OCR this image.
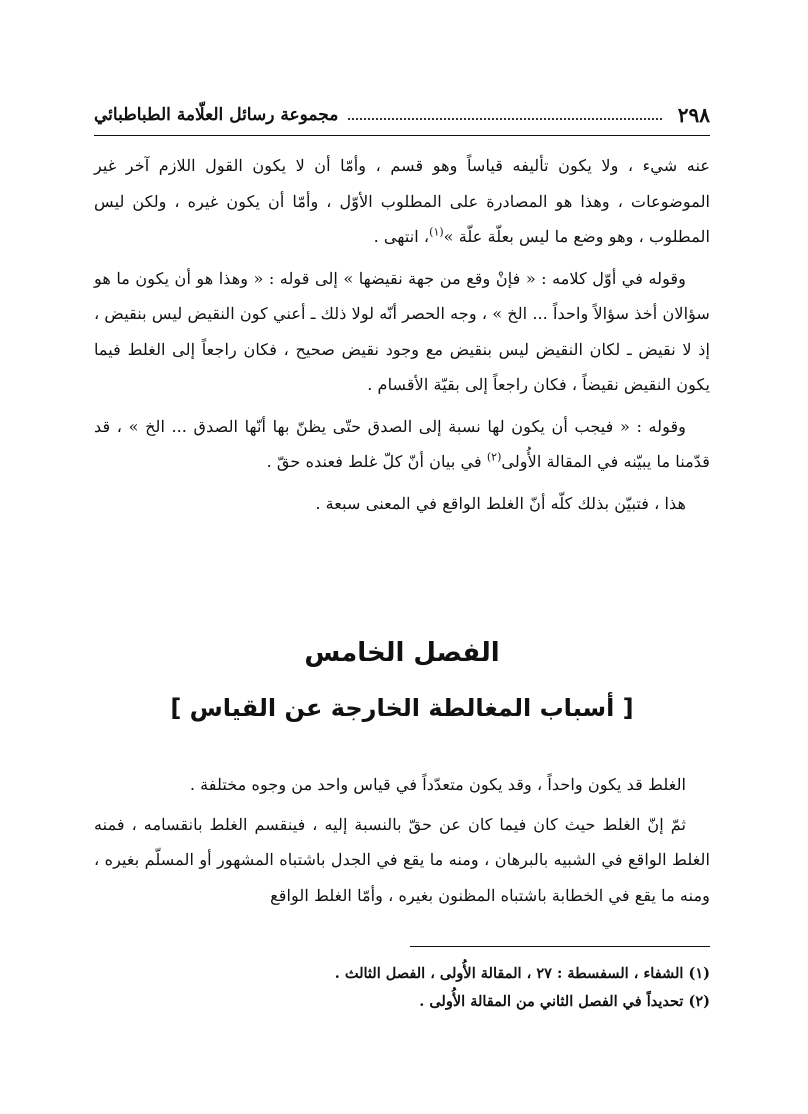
٢٩٨
مجموعة رسائل العلّامة الطباطبائي

عنه شيء ، ولا يكون تأليفه قياساً وهو قسم ، وأمّا أن لا يكون القول اللازم آخر غير الموضوعات ، وهذا هو المصادرة على المطلوب الأوّل ، وأمّا أن يكون غيره ، ولكن ليس المطلوب ، وهو وضع ما ليس بعلّة علّة »$^{(١)}$، انتهى .

وقوله في أوّل كلامه : « فإنْ وقع من جهة نقيضها » إلى قوله : « وهذا هو أن يكون ما هو سؤالان أخذ سؤالاً واحداً ... الخ » ، وجه الحصر أنّه لولا ذلك ـ أعني كون النقيض ليس بنقيض ، إذ لا نقيض ـ لكان النقيض ليس بنقيض مع وجود نقيض صحيح ، فكان راجعاً إلى الغلط فيما يكون النقيض نقيضاً ، فكان راجعاً إلى بقيّة الأقسام .

وقوله : « فيجب أن يكون لها نسبة إلى الصدق حتّى يظنّ بها أنّها الصدق ... الخ » ، قد قدّمنا ما يبيّنه في المقالة الأُولى$^{(٢)}$ في بيان أنّ كلّ غلط فعنده حقّ .

هذا ، فتبيّن بذلك كلّه أنّ الغلط الواقع في المعنى سبعة .

الفصل الخامس
[ أسباب المغالطة الخارجة عن القياس ]

الغلط قد يكون واحداً ، وقد يكون متعدّداً في قياس واحد من وجوه مختلفة .

ثمّ إنّ الغلط حيث كان فيما كان عن حقّ بالنسبة إليه ، فينقسم الغلط بانقسامه ، فمنه الغلط الواقع في الشبيه بالبرهان ، ومنه ما يقع في الجدل باشتباه المشهور أو المسلّم بغيره ، ومنه ما يقع في الخطابة باشتباه المظنون بغيره ، وأمّا الغلط الواقع

(١) الشفاء ، السفسطة : ٢٧ ، المقالة الأُولى ، الفصل الثالث .
(٢) تحديداً في الفصل الثاني من المقالة الأُولى .
